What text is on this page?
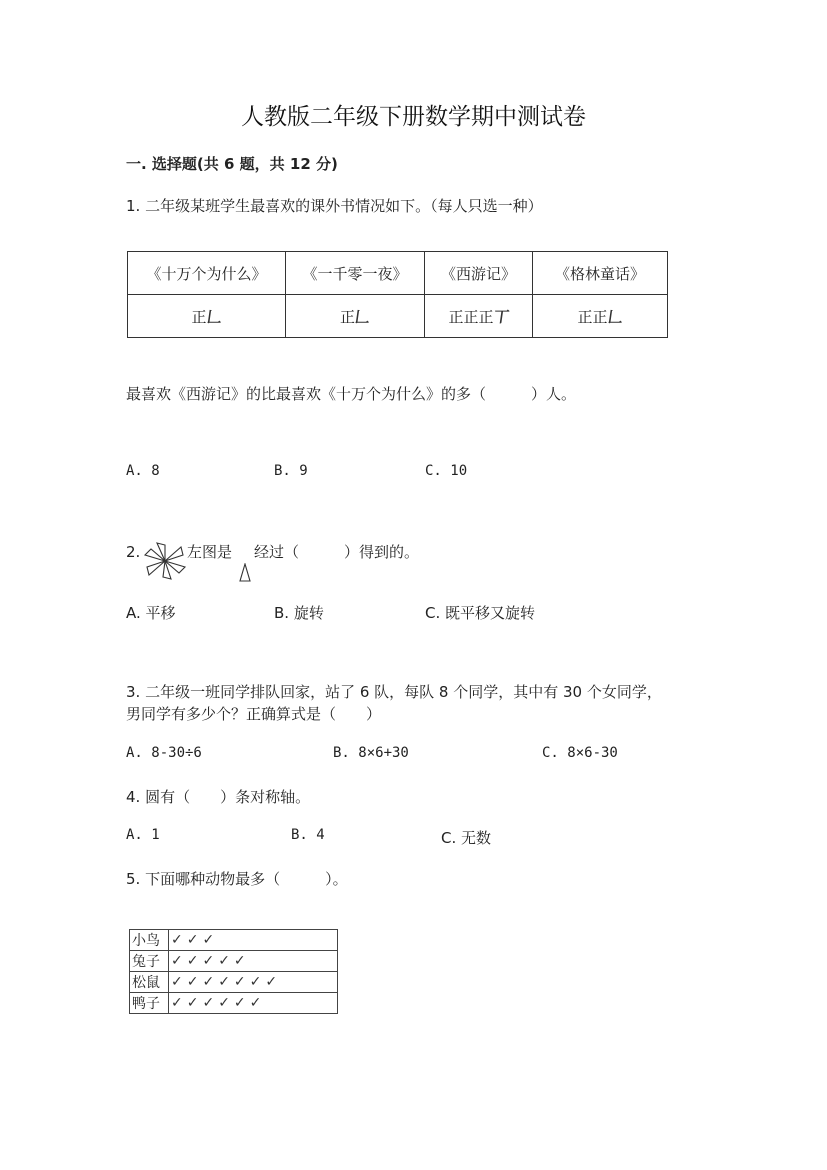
人教版二年级下册数学期中测试卷
一. 选择题(共 6 题，共 12 分)
1. 二年级某班学生最喜欢的课外书情况如下。（每人只选一种）
《十万个为什么》	《一千零一夜》	《西游记》	《格林童话》
正𠃊	正𠃊	正正正丅	正正𠃊
最喜欢《西游记》的比最喜欢《十万个为什么》的多（　　　）人。
A. 8	B. 9	C. 10
2.	左图是 经过（　　　）得到的。
A. 平移	B. 旋转	C. 既平移又旋转
3. 二年级一班同学排队回家，站了 6 队，每队 8 个同学，其中有 30 个女同学，
男同学有多少个？正确算式是（　　）
A. 8-30÷6	B. 8×6+30	C. 8×6-30
4. 圆有（　　）条对称轴。
A. 1	B. 4	C. 无数
5. 下面哪种动物最多（　　　）。
小鸟	✓✓✓
兔子	✓✓✓✓✓
松鼠	✓✓✓✓✓✓✓
鸭子	✓✓✓✓✓✓
